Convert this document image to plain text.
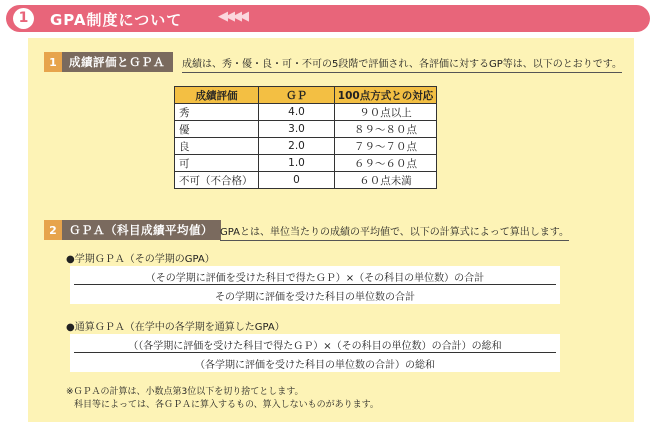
1	GPA制度について	◀◀◀◀
1	成績評価とＧＰＡ	成績は、秀・優・良・可・不可の5段階で評価され、各評価に対するGP等は、以下のとおりです。
成績評価	ＧＰ	100点方式との対応
秀	4.0	９０点以上
優	3.0	８９～８０点
良	2.0	７９～７０点
可	1.0	６９～６０点
不可（不合格）	0	６０点未満
2	ＧＰＡ（科目成績平均値） GPAとは、単位当たりの成績の平均値で、以下の計算式によって算出します。
●学期ＧＰＡ（その学期のGPA）
（その学期に評価を受けた科目で得たＧＰ）×（その科目の単位数）の合計
その学期に評価を受けた科目の単位数の合計
●通算ＧＰＡ（在学中の各学期を通算したGPA）
（（各学期に評価を受けた科目で得たＧＰ）×（その科目の単位数）の合計）の総和
（各学期に評価を受けた科目の単位数の合計）の総和
※ＧＰＡの計算は、小数点第3位以下を切り捨てとします。
科目等によっては、各ＧＰＡに算入するもの、算入しないものがあります。
